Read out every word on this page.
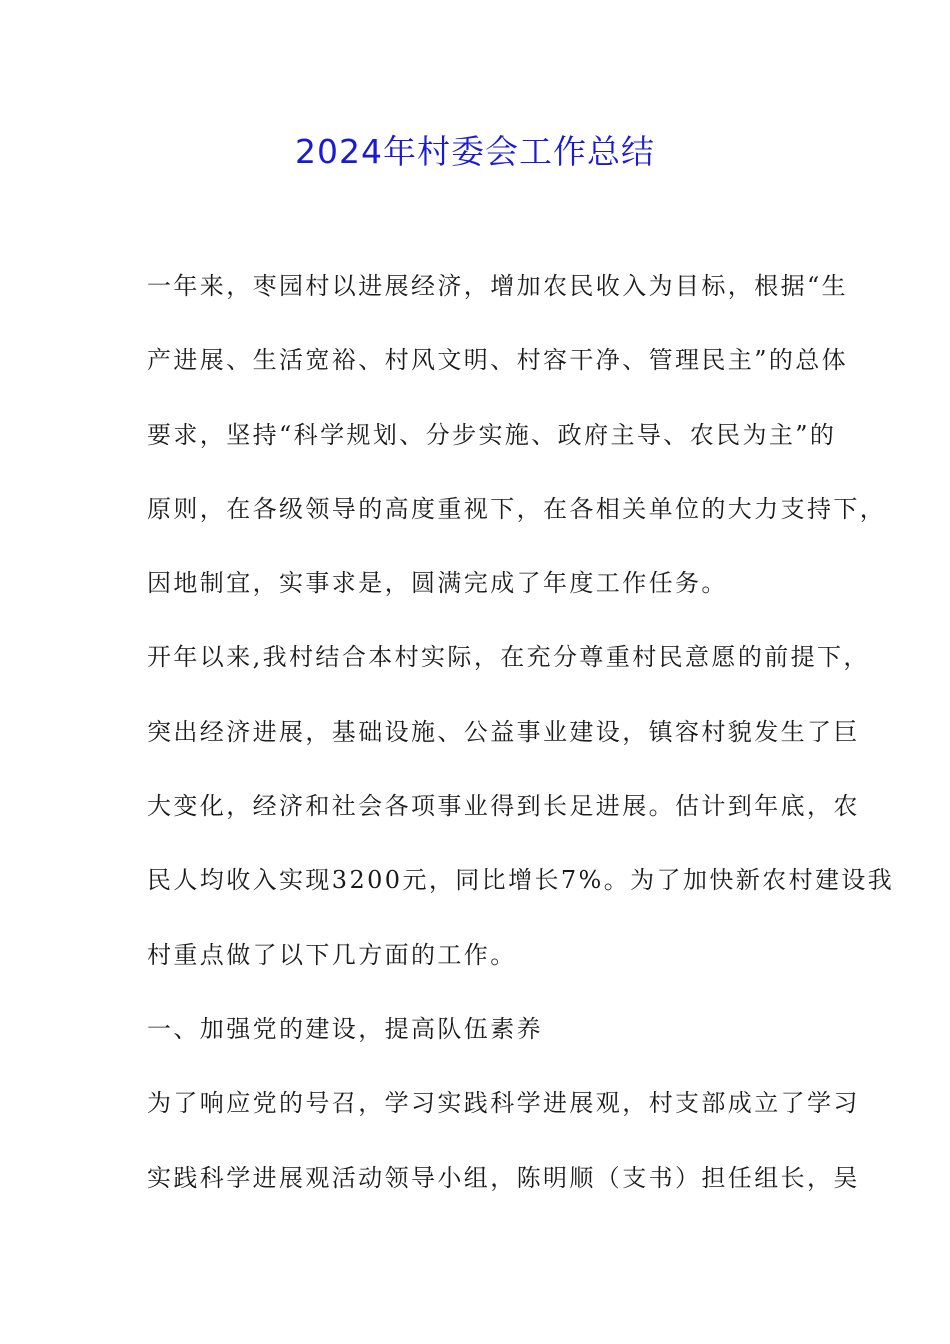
2024年村委会工作总结
一年来，枣园村以进展经济，增加农民收入为目标，根据“生
产进展、生活宽裕、村风文明、村容干净、管理民主”的总体
要求，坚持“科学规划、分步实施、政府主导、农民为主”的
原则，在各级领导的高度重视下，在各相关单位的大力支持下，
因地制宜，实事求是，圆满完成了年度工作任务。
开年以来,我村结合本村实际，在充分尊重村民意愿的前提下，
突出经济进展，基础设施、公益事业建设，镇容村貌发生了巨
大变化，经济和社会各项事业得到长足进展。估计到年底，农
民人均收入实现3200元，同比增长7%。为了加快新农村建设我
村重点做了以下几方面的工作。
一、加强党的建设，提高队伍素养
为了响应党的号召，学习实践科学进展观，村支部成立了学习
实践科学进展观活动领导小组，陈明顺（支书）担任组长，吴
